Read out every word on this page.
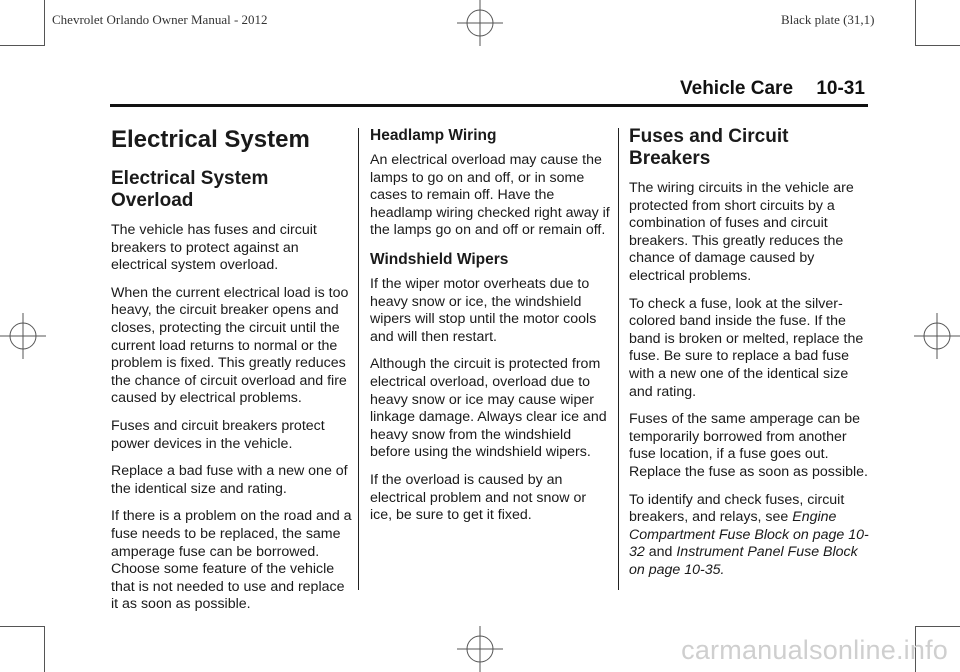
Chevrolet Orlando Owner Manual - 2012	Black plate (31,1)
Vehicle Care 10-31
Electrical System
Electrical System Overload

The vehicle has fuses and circuit breakers to protect against an electrical system overload.

When the current electrical load is too heavy, the circuit breaker opens and closes, protecting the circuit until the current load returns to normal or the problem is fixed. This greatly reduces the chance of circuit overload and fire caused by electrical problems.

Fuses and circuit breakers protect power devices in the vehicle.

Replace a bad fuse with a new one of the identical size and rating.

If there is a problem on the road and a fuse needs to be replaced, the same amperage fuse can be borrowed. Choose some feature of the vehicle that is not needed to use and replace it as soon as possible.

Headlamp Wiring

An electrical overload may cause the lamps to go on and off, or in some cases to remain off. Have the headlamp wiring checked right away if the lamps go on and off or remain off.

Windshield Wipers

If the wiper motor overheats due to heavy snow or ice, the windshield wipers will stop until the motor cools and will then restart.

Although the circuit is protected from electrical overload, overload due to heavy snow or ice may cause wiper linkage damage. Always clear ice and heavy snow from the windshield before using the windshield wipers.

If the overload is caused by an electrical problem and not snow or ice, be sure to get it fixed.

Fuses and Circuit Breakers

The wiring circuits in the vehicle are protected from short circuits by a combination of fuses and circuit breakers. This greatly reduces the chance of damage caused by electrical problems.

To check a fuse, look at the silver-colored band inside the fuse. If the band is broken or melted, replace the fuse. Be sure to replace a bad fuse with a new one of the identical size and rating.

Fuses of the same amperage can be temporarily borrowed from another fuse location, if a fuse goes out. Replace the fuse as soon as possible.

To identify and check fuses, circuit breakers, and relays, see Engine Compartment Fuse Block on page 10-32 and Instrument Panel Fuse Block on page 10-35.

carmanualsonline.info
